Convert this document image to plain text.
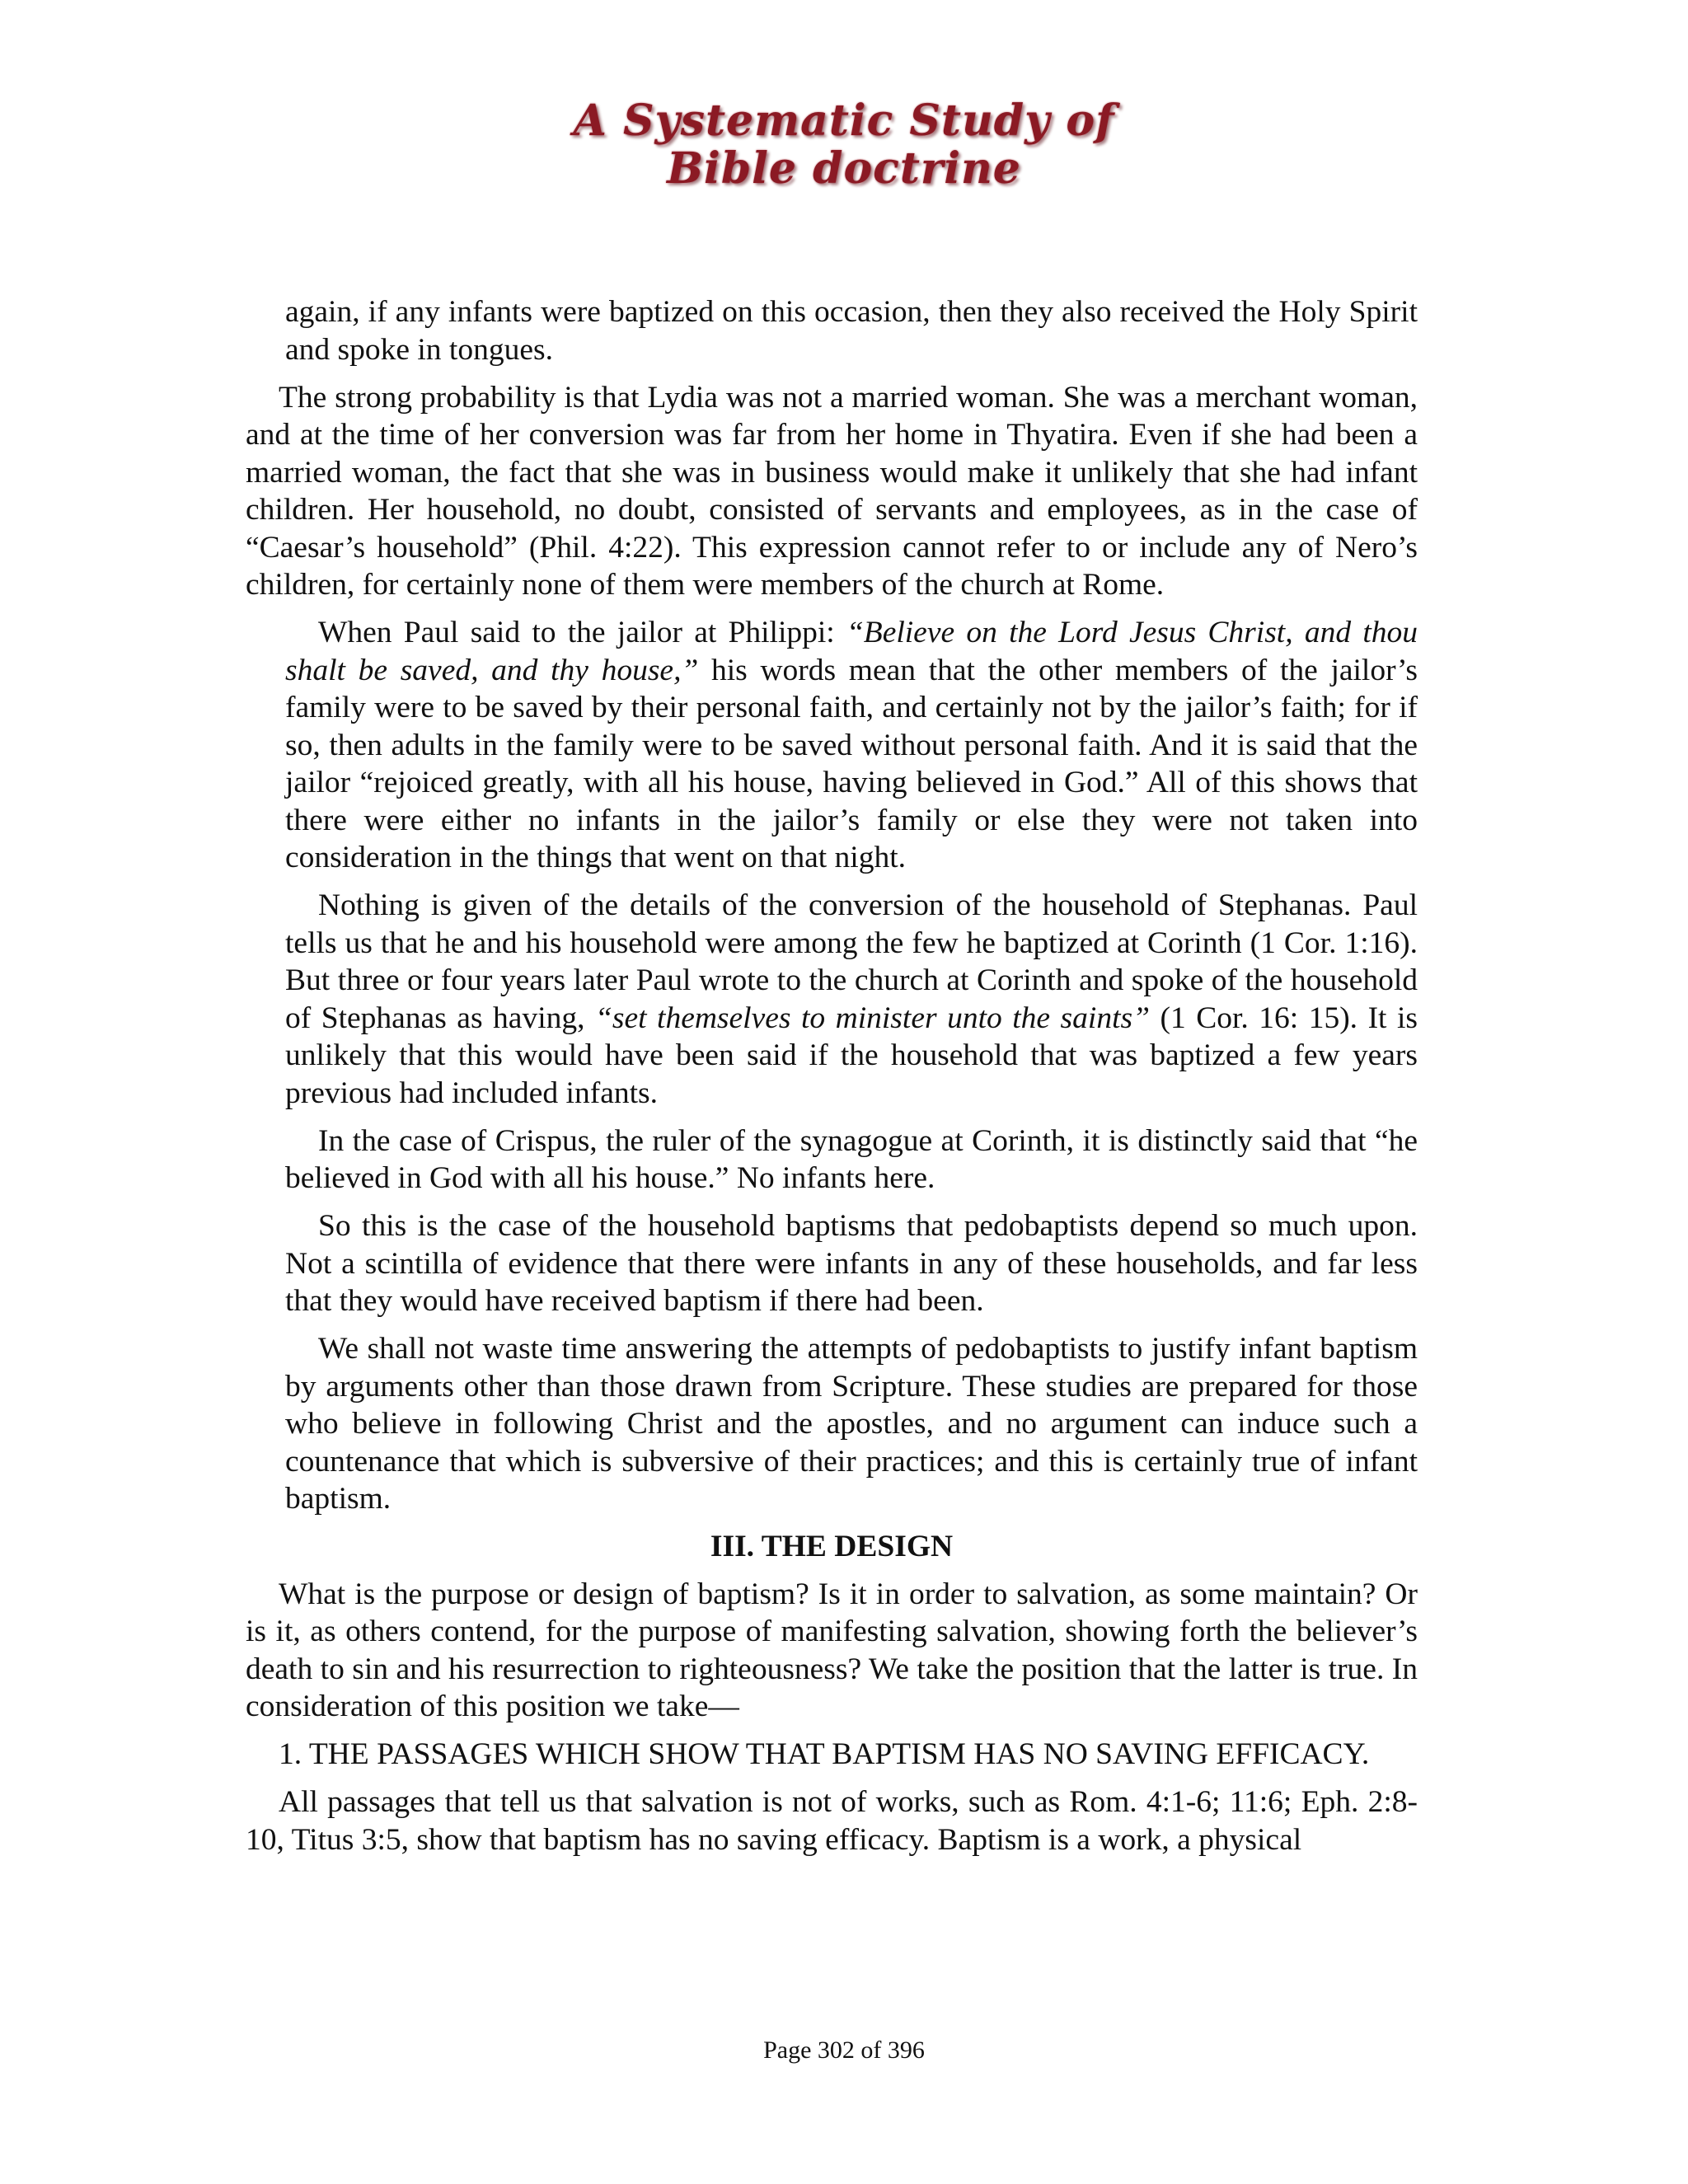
A Systematic Study of
Bible doctrine

again, if any infants were baptized on this occasion, then they also received the Holy Spirit and spoke in tongues.

The strong probability is that Lydia was not a married woman. She was a merchant woman, and at the time of her conversion was far from her home in Thyatira. Even if she had been a married woman, the fact that she was in business would make it unlikely that she had infant children. Her household, no doubt, consisted of servants and employees, as in the case of “Caesar’s household” (Phil. 4:22). This expression cannot refer to or include any of Nero’s children, for certainly none of them were members of the church at Rome.

When Paul said to the jailor at Philippi: “Believe on the Lord Jesus Christ, and thou shalt be saved, and thy house,” his words mean that the other members of the jailor’s family were to be saved by their personal faith, and certainly not by the jailor’s faith; for if so, then adults in the family were to be saved without personal faith. And it is said that the jailor “rejoiced greatly, with all his house, having believed in God.” All of this shows that there were either no infants in the jailor’s family or else they were not taken into consideration in the things that went on that night.

Nothing is given of the details of the conversion of the household of Stephanas. Paul tells us that he and his household were among the few he baptized at Corinth (1 Cor. 1:16). But three or four years later Paul wrote to the church at Corinth and spoke of the household of Stephanas as having, “set themselves to minister unto the saints” (1 Cor. 16: 15). It is unlikely that this would have been said if the household that was baptized a few years previous had included infants.

In the case of Crispus, the ruler of the synagogue at Corinth, it is distinctly said that “he believed in God with all his house.” No infants here.

So this is the case of the household baptisms that pedobaptists depend so much upon. Not a scintilla of evidence that there were infants in any of these households, and far less that they would have received baptism if there had been.

We shall not waste time answering the attempts of pedobaptists to justify infant baptism by arguments other than those drawn from Scripture. These studies are prepared for those who believe in following Christ and the apostles, and no argument can induce such a countenance that which is subversive of their practices; and this is certainly true of infant baptism.

III. THE DESIGN

What is the purpose or design of baptism? Is it in order to salvation, as some maintain? Or is it, as others contend, for the purpose of manifesting salvation, showing forth the believer’s death to sin and his resurrection to righteousness? We take the position that the latter is true. In consideration of this position we take—

1. THE PASSAGES WHICH SHOW THAT BAPTISM HAS NO SAVING EFFICACY.

All passages that tell us that salvation is not of works, such as Rom. 4:1-6; 11:6; Eph. 2:8-10, Titus 3:5, show that baptism has no saving efficacy. Baptism is a work, a physical

Page 302 of 396
